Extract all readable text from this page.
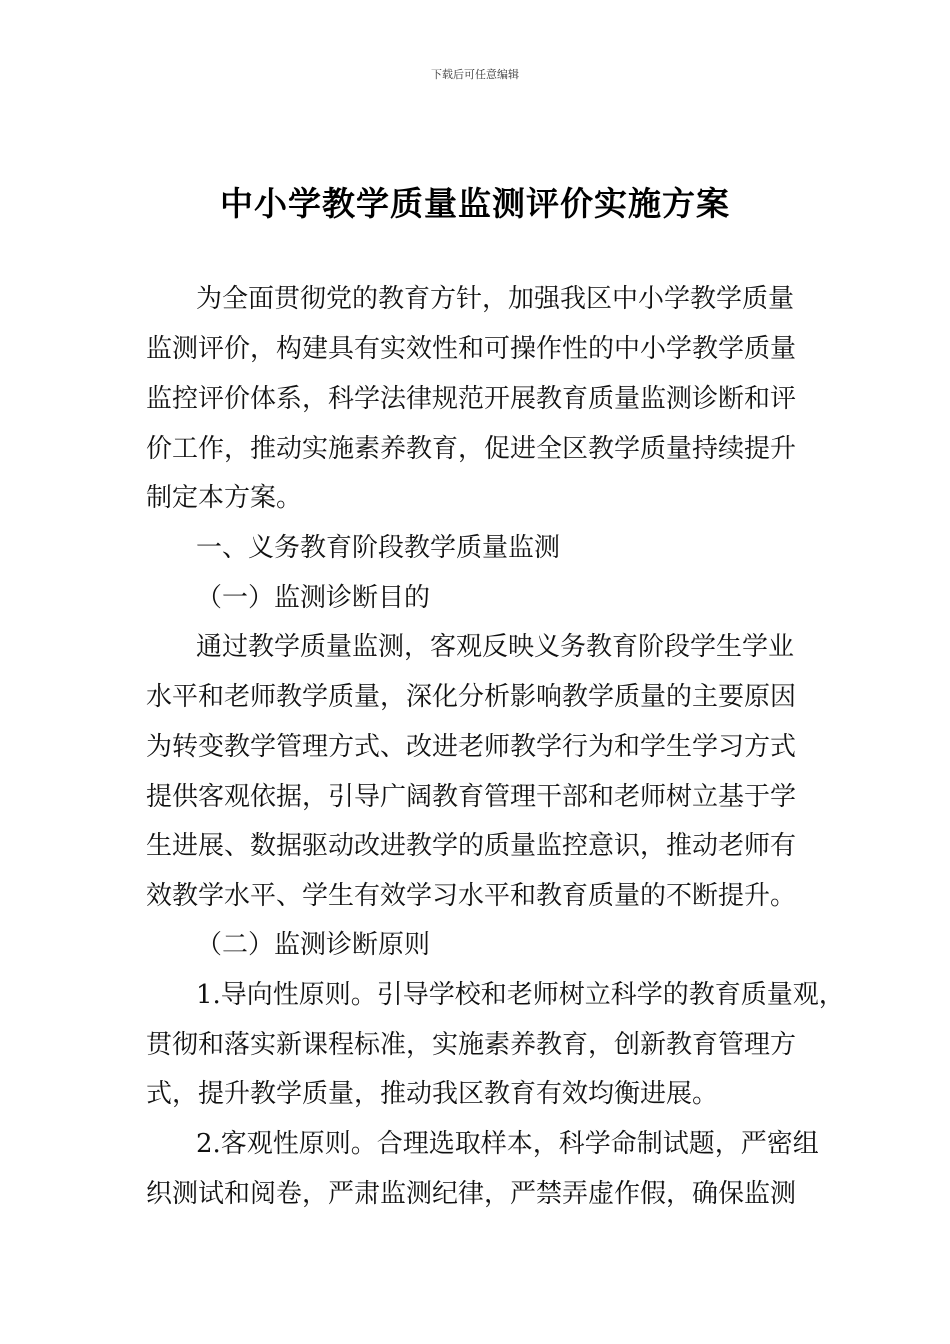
下载后可任意编辑
中小学教学质量监测评价实施方案
为全面贯彻党的教育方针，加强我区中小学教学质量
监测评价，构建具有实效性和可操作性的中小学教学质量
监控评价体系，科学法律规范开展教育质量监测诊断和评
价工作，推动实施素养教育，促进全区教学质量持续提升
制定本方案。
一、义务教育阶段教学质量监测
（一）监测诊断目的
通过教学质量监测，客观反映义务教育阶段学生学业
水平和老师教学质量，深化分析影响教学质量的主要原因
为转变教学管理方式、改进老师教学行为和学生学习方式
提供客观依据，引导广阔教育管理干部和老师树立基于学
生进展、数据驱动改进教学的质量监控意识，推动老师有
效教学水平、学生有效学习水平和教育质量的不断提升。
（二）监测诊断原则
1.导向性原则。引导学校和老师树立科学的教育质量观，
贯彻和落实新课程标准，实施素养教育，创新教育管理方
式，提升教学质量，推动我区教育有效均衡进展。
2.客观性原则。合理选取样本，科学命制试题，严密组
织测试和阅卷，严肃监测纪律，严禁弄虚作假，确保监测
